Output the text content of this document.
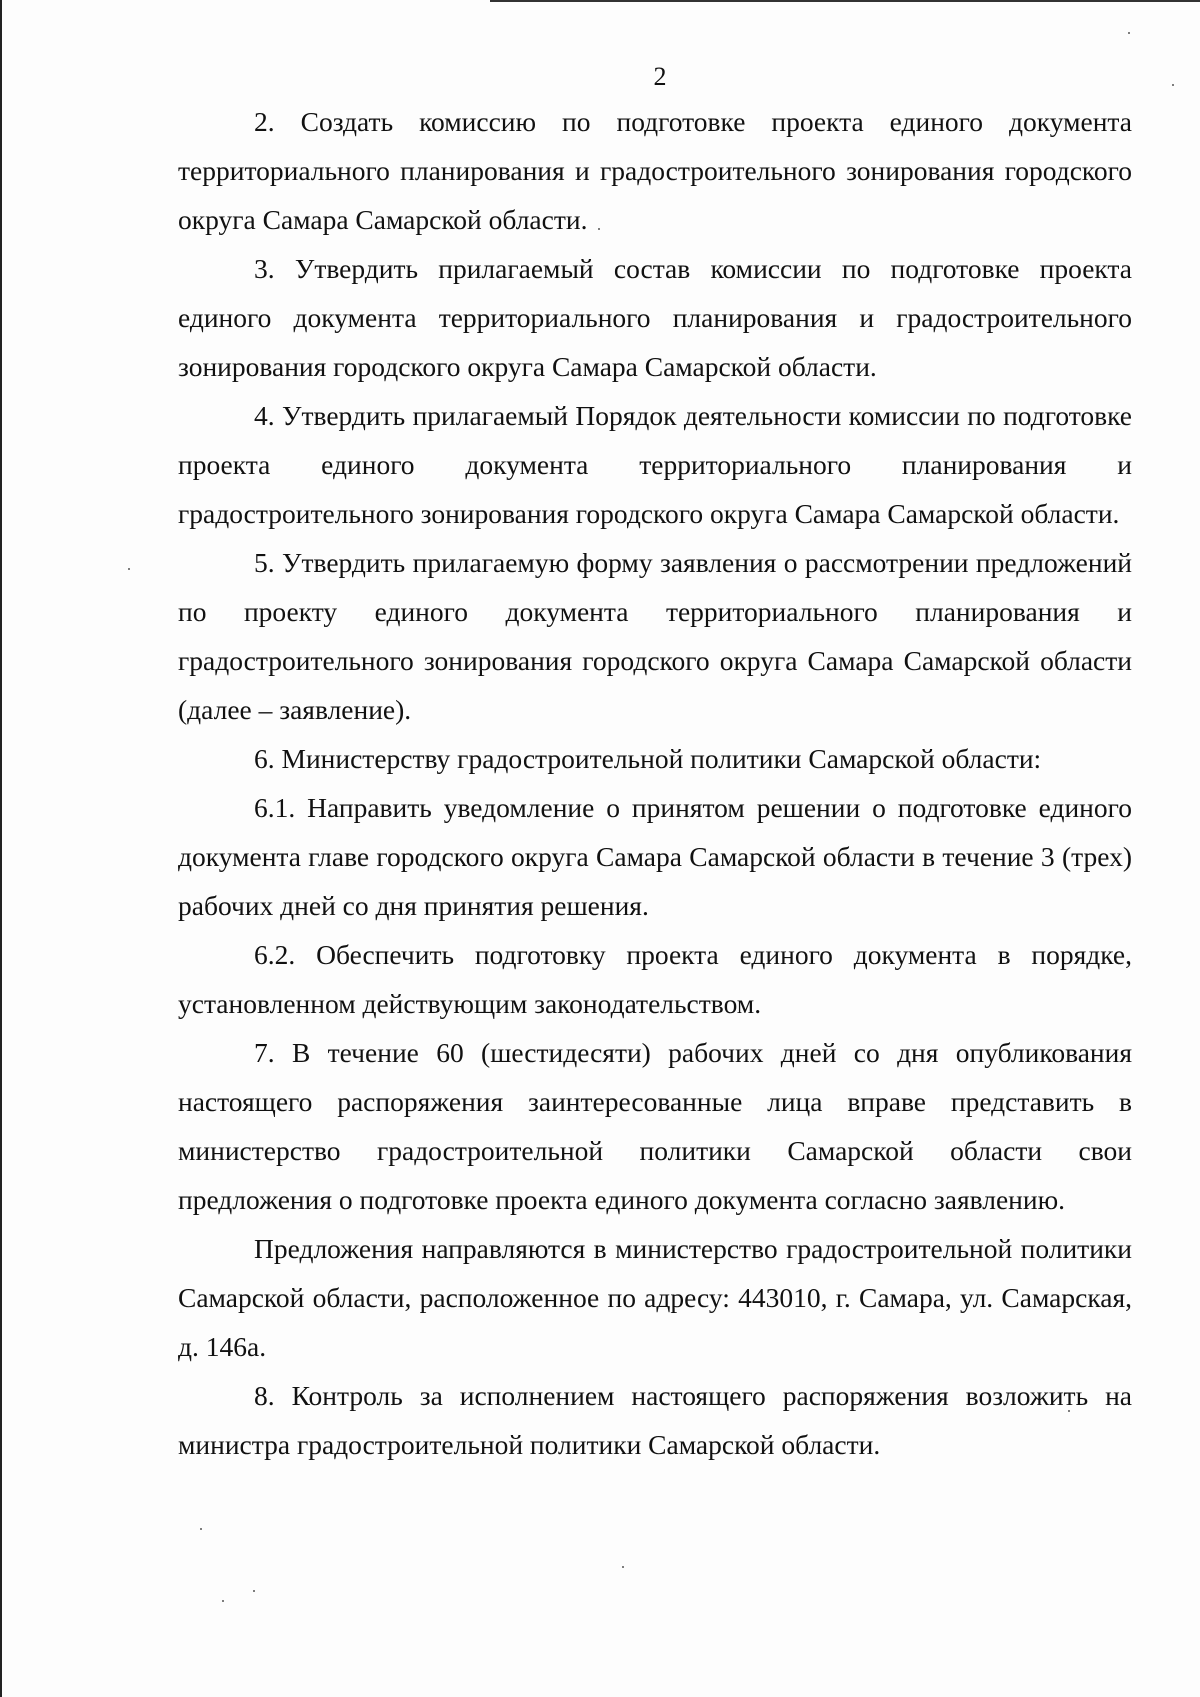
2

2. Создать комиссию по подготовке проекта единого документа территориального планирования и градостроительного зонирования городского округа Самара Самарской области.

3. Утвердить прилагаемый состав комиссии по подготовке проекта единого документа территориального планирования и градостроительного зонирования городского округа Самара Самарской области.

4. Утвердить прилагаемый Порядок деятельности комиссии по подготовке проекта единого документа территориального планирования и градостроительного зонирования городского округа Самара Самарской области.

5. Утвердить прилагаемую форму заявления о рассмотрении предложений по проекту единого документа территориального планирования и градостроительного зонирования городского округа Самара Самарской области (далее – заявление).

6. Министерству градостроительной политики Самарской области:

6.1. Направить уведомление о принятом решении о подготовке единого документа главе городского округа Самара Самарской области в течение 3 (трех) рабочих дней со дня принятия решения.

6.2. Обеспечить подготовку проекта единого документа в порядке, установленном действующим законодательством.

7. В течение 60 (шестидесяти) рабочих дней со дня опубликования настоящего распоряжения заинтересованные лица вправе представить в министерство градостроительной политики Самарской области свои предложения о подготовке проекта единого документа согласно заявлению.

Предложения направляются в министерство градостроительной политики Самарской области, расположенное по адресу: 443010, г. Самара, ул. Самарская, д. 146а.

8. Контроль за исполнением настоящего распоряжения возложить на министра градостроительной политики Самарской области.
